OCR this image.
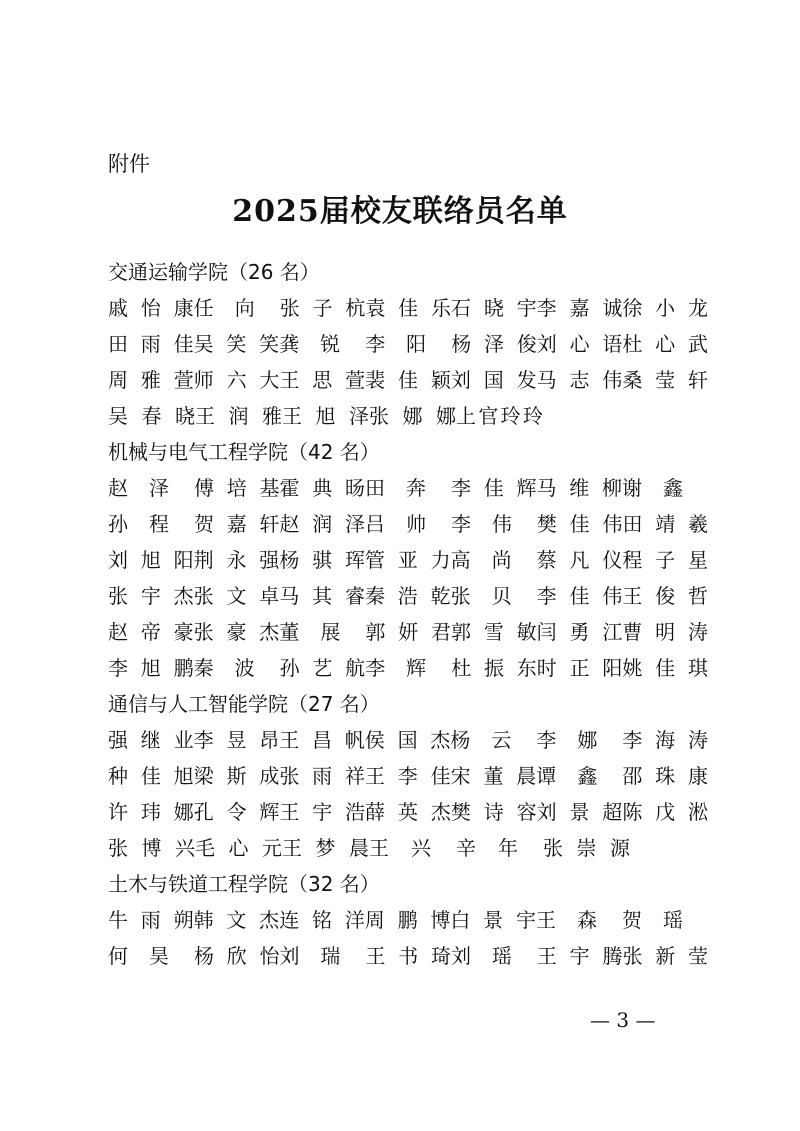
附件
2025届校友联络员名单
交通运输学院（26 名）
戚怡康 任 向 张子杭 袁佳乐 石晓宇 李嘉诚 徐小龙
田雨佳 吴笑笑 龚 锐 李 阳 杨泽俊 刘心语 杜心武
周雅萱 师六大 王思萱 裴佳颖 刘国发 马志伟 桑莹轩
吴春晓 王润雅 王旭泽 张娜娜 上官玲玲
机械与电气工程学院（42 名）
赵 泽 傅培基 霍典旸 田 奔 李佳辉 马维柳 谢 鑫
孙 程 贺嘉轩 赵润泽 吕 帅 李 伟 樊佳伟 田靖羲
刘旭阳 荆永强 杨骐珲 管亚力 高 尚 蔡凡仪 程子星
张宇杰 张文卓 马其睿 秦浩乾 张 贝 李佳伟 王俊哲
赵帝豪 张豪杰 董 展 郭妍君 郭雪敏 闫勇江 曹明涛
李旭鹏 秦 波 孙艺航 李 辉 杜振东 时正阳 姚佳琪
通信与人工智能学院（27 名）
强继业 李昱昂 王昌帆 侯国杰 杨 云 李 娜 李海涛
种佳旭 梁斯成 张雨祥 王李佳 宋董晨 谭 鑫 邵珠康
许玮娜 孔令辉 王宇浩 薛英杰 樊诗容 刘景超 陈戊淞
张博兴 毛心元 王梦晨 王 兴 辛 年 张崇源
土木与铁道工程学院（32 名）
牛雨朔 韩文杰 连铭洋 周鹏博 白景宇 王 森 贺 瑶
何 昊 杨欣怡 刘 瑞 王书琦 刘 瑶 王宇腾 张新莹
— 3 —
